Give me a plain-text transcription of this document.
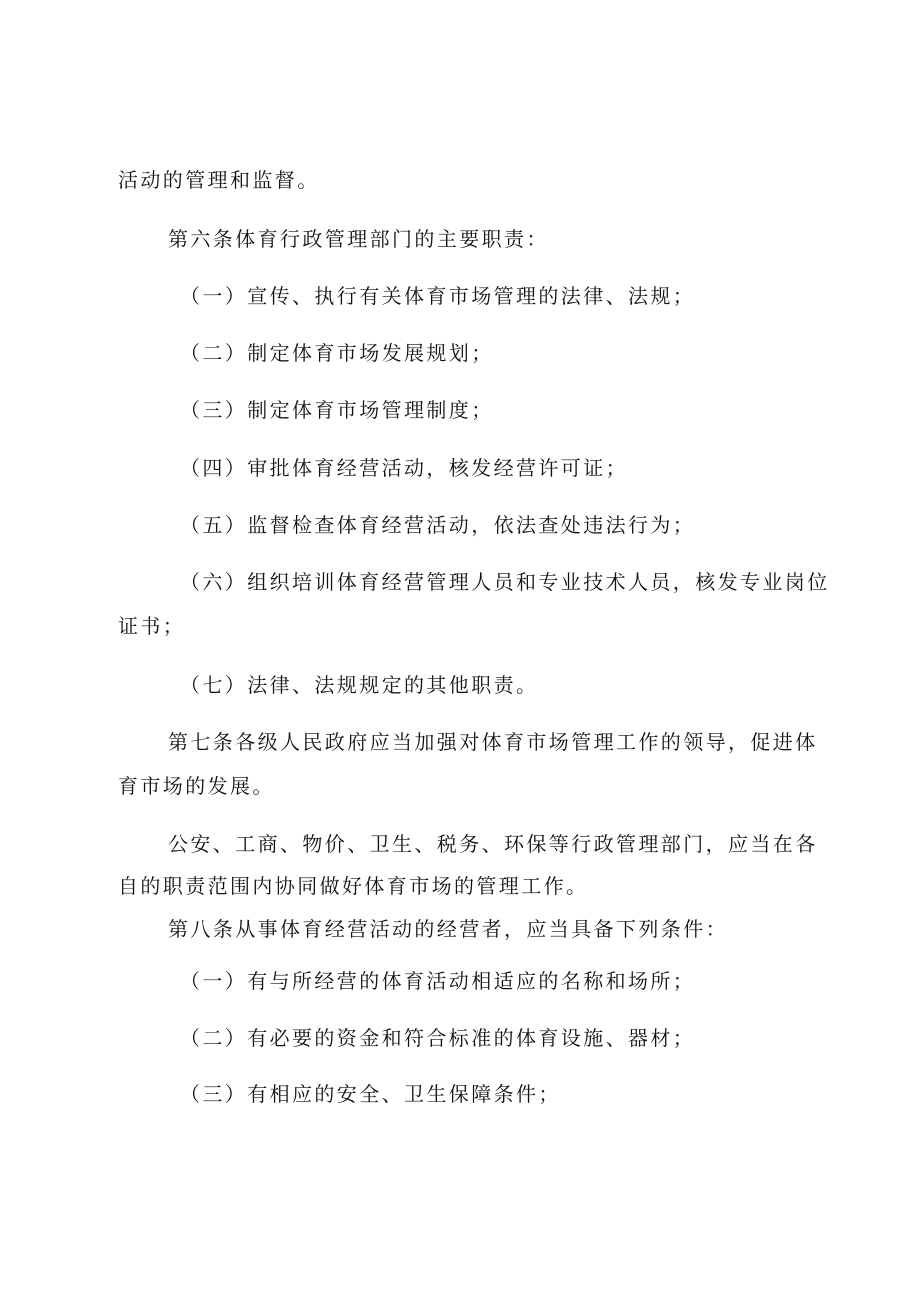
活动的管理和监督。
第六条体育行政管理部门的主要职责：
（一）宣传、执行有关体育市场管理的法律、法规；
（二）制定体育市场发展规划；
（三）制定体育市场管理制度；
（四）审批体育经营活动，核发经营许可证；
（五）监督检查体育经营活动，依法查处违法行为；
（六）组织培训体育经营管理人员和专业技术人员，核发专业岗位
证书；
（七）法律、法规规定的其他职责。
第七条各级人民政府应当加强对体育市场管理工作的领导，促进体
育市场的发展。
公安、工商、物价、卫生、税务、环保等行政管理部门，应当在各
自的职责范围内协同做好体育市场的管理工作。
第八条从事体育经营活动的经营者，应当具备下列条件：
（一）有与所经营的体育活动相适应的名称和场所；
（二）有必要的资金和符合标准的体育设施、器材；
（三）有相应的安全、卫生保障条件；
